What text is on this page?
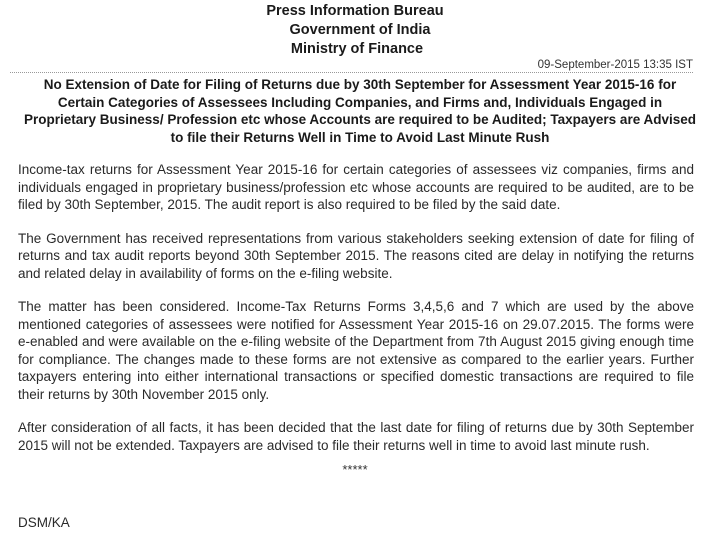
Press Information Bureau
Government of India
Ministry of Finance
09-September-2015 13:35 IST
No Extension of Date for Filing of Returns due by 30th September for Assessment Year 2015-16 for Certain Categories of Assessees Including Companies, and Firms and, Individuals Engaged in Proprietary Business/ Profession etc whose Accounts are required to be Audited; Taxpayers are Advised to file their Returns Well in Time to Avoid Last Minute Rush

Income-tax returns for Assessment Year 2015-16 for certain categories of assessees viz companies, firms and individuals engaged in proprietary business/profession etc whose accounts are required to be audited, are to be filed by 30th September, 2015. The audit report is also required to be filed by the said date.

The Government has received representations from various stakeholders seeking extension of date for filing of returns and tax audit reports beyond 30th September 2015. The reasons cited are delay in notifying the returns and related delay in availability of forms on the e-filing website.

The matter has been considered. Income-Tax Returns Forms 3,4,5,6 and 7 which are used by the above mentioned categories of assessees were notified for Assessment Year 2015-16 on 29.07.2015. The forms were e-enabled and were available on the e-filing website of the Department from 7th August 2015 giving enough time for compliance. The changes made to these forms are not extensive as compared to the earlier years. Further taxpayers entering into either international transactions or specified domestic transactions are required to file their returns by 30th November 2015 only.

After consideration of all facts, it has been decided that the last date for filing of returns due by 30th September 2015 will not be extended. Taxpayers are advised to file their returns well in time to avoid last minute rush.

*****
DSM/KA
